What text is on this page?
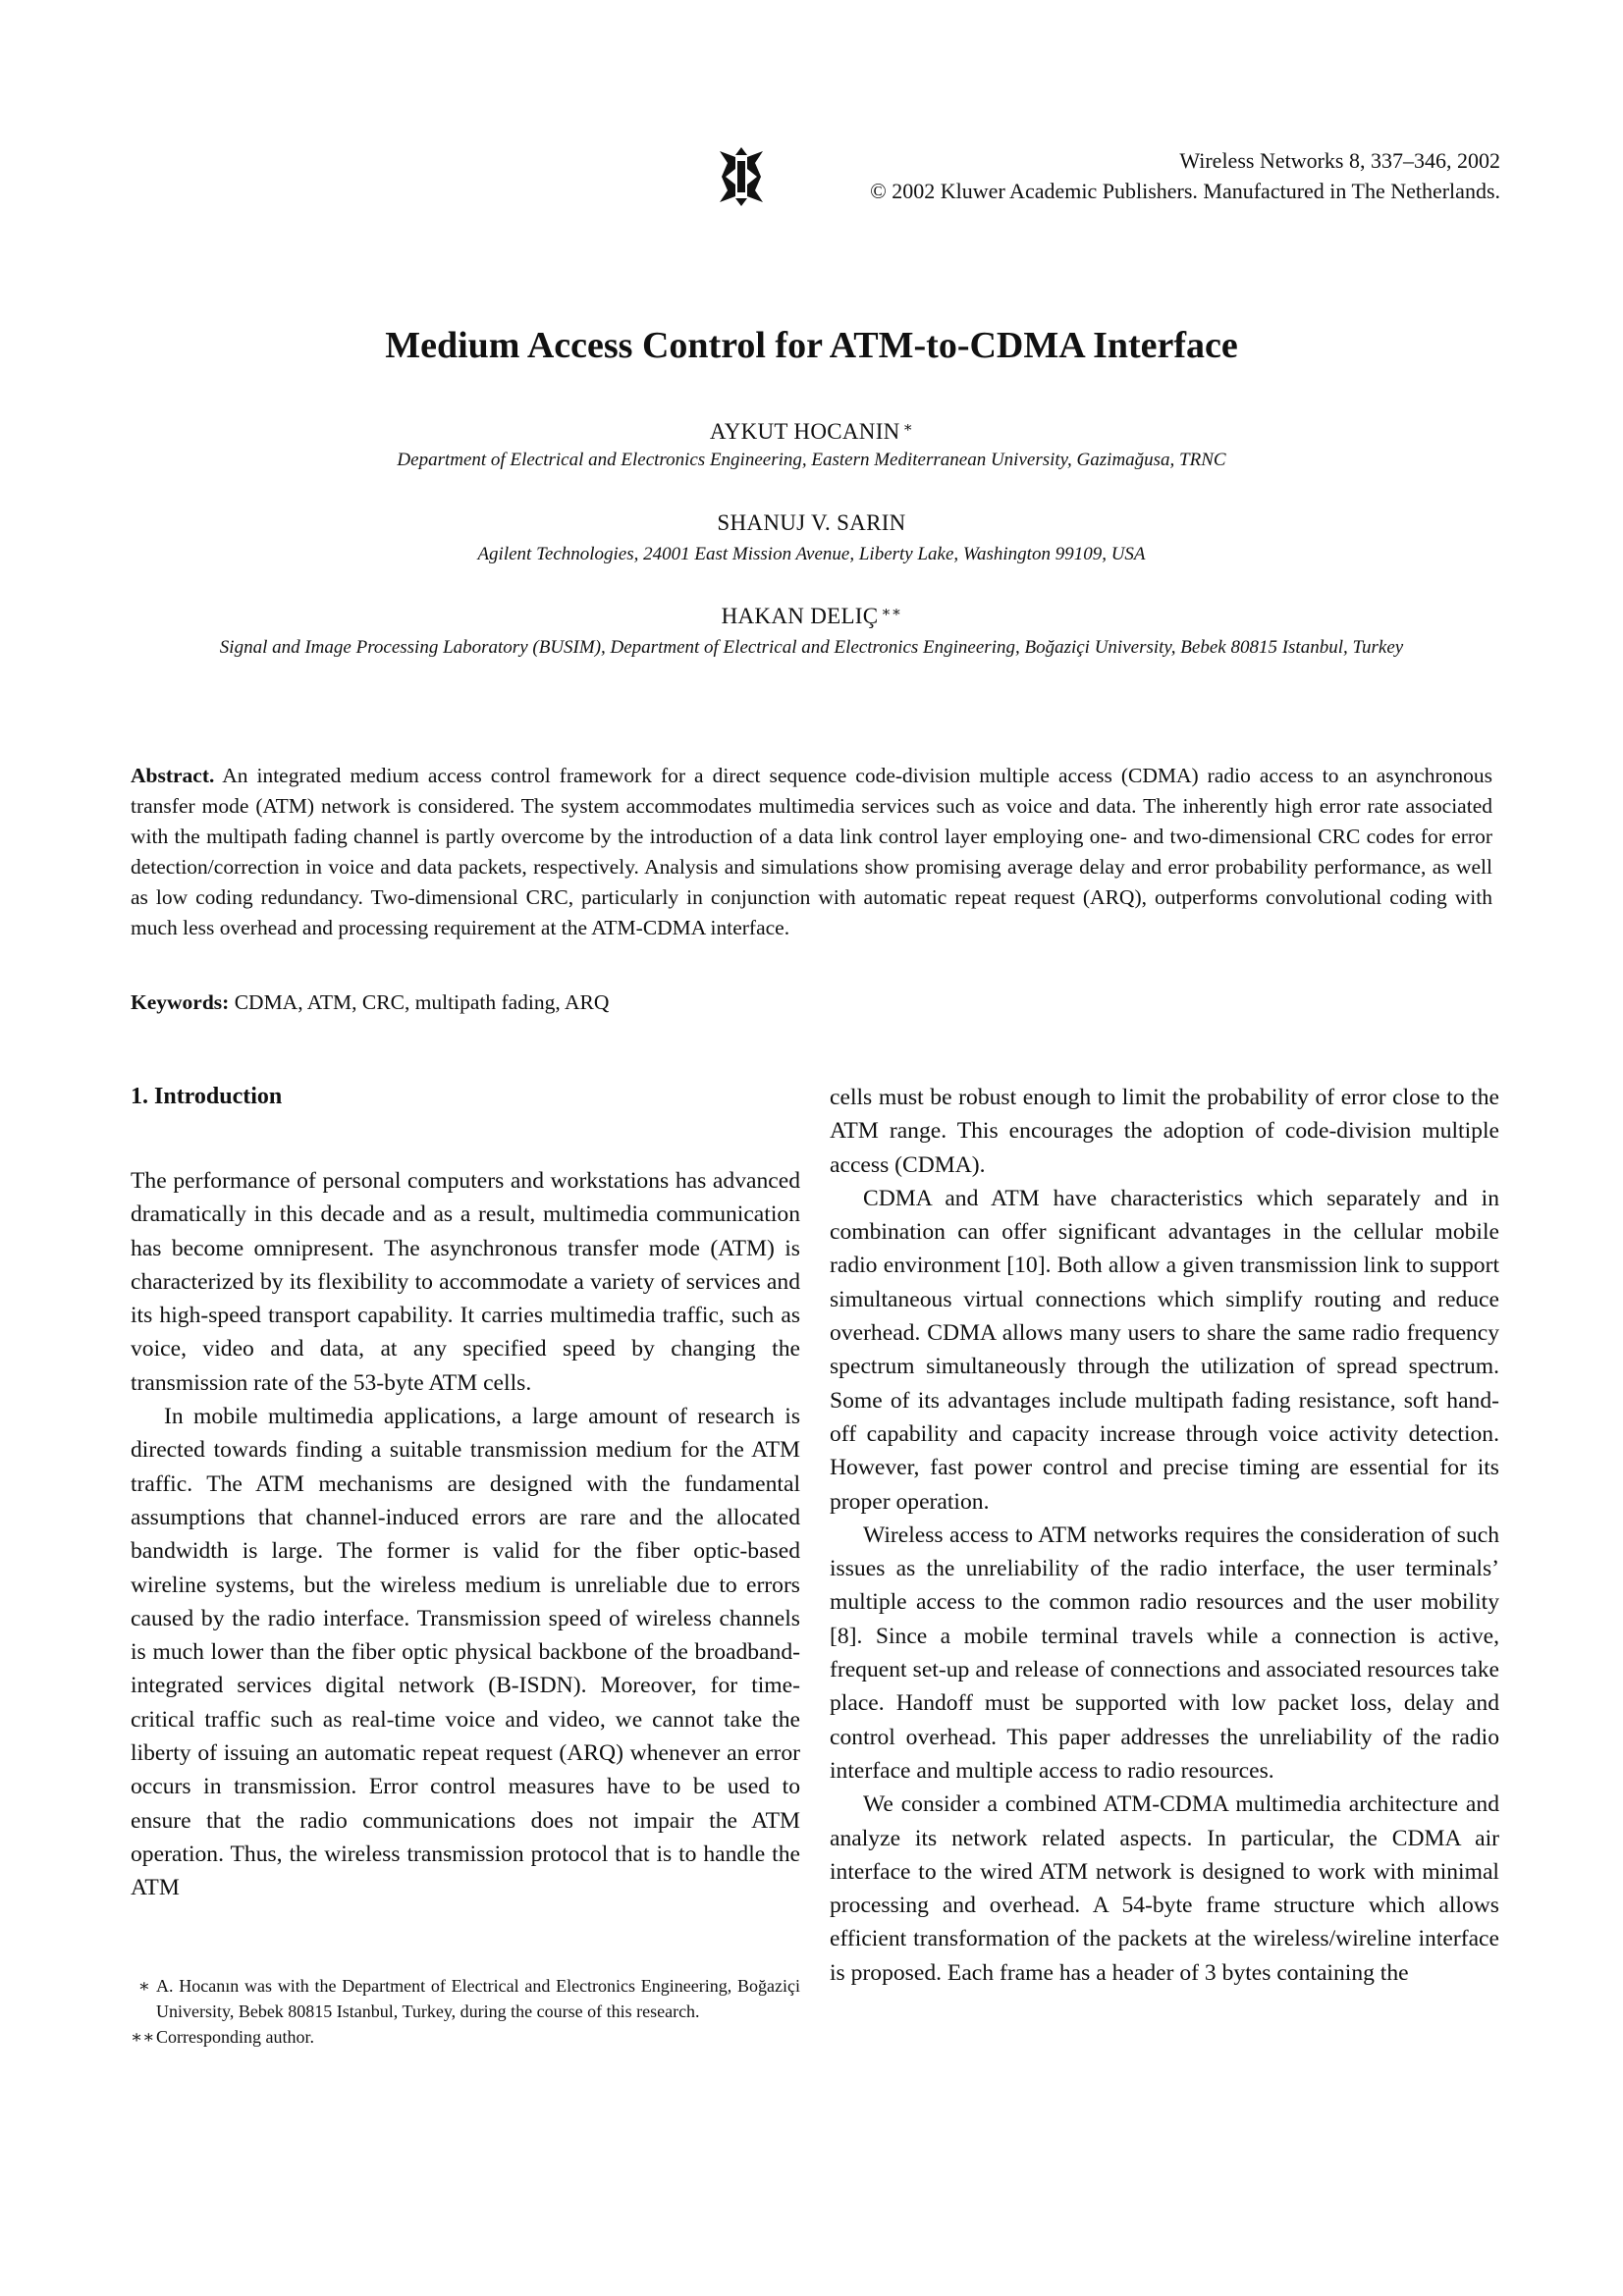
Wireless Networks 8, 337–346, 2002
© 2002 Kluwer Academic Publishers. Manufactured in The Netherlands.
Medium Access Control for ATM-to-CDMA Interface
AYKUT HOCANIN ∗
Department of Electrical and Electronics Engineering, Eastern Mediterranean University, Gazimağusa, TRNC
SHANUJ V. SARIN
Agilent Technologies, 24001 East Mission Avenue, Liberty Lake, Washington 99109, USA
HAKAN DELIÇ ∗∗
Signal and Image Processing Laboratory (BUSIM), Department of Electrical and Electronics Engineering, Boğaziçi University, Bebek 80815 Istanbul, Turkey

Abstract. An integrated medium access control framework for a direct sequence code-division multiple access (CDMA) radio access to an asynchronous transfer mode (ATM) network is considered. The system accommodates multimedia services such as voice and data. The inherently high error rate associated with the multipath fading channel is partly overcome by the introduction of a data link control layer employing one- and two-dimensional CRC codes for error detection/correction in voice and data packets, respectively. Analysis and simulations show promising average delay and error probability performance, as well as low coding redundancy. Two-dimensional CRC, particularly in conjunction with automatic repeat request (ARQ), outperforms convolutional coding with much less overhead and processing requirement at the ATM-CDMA interface.

Keywords: CDMA, ATM, CRC, multipath fading, ARQ

1. Introduction

The performance of personal computers and workstations has advanced dramatically in this decade and as a result, multimedia communication has become omnipresent. The asynchronous transfer mode (ATM) is characterized by its flexibility to accommodate a variety of services and its high-speed transport capability. It carries multimedia traffic, such as voice, video and data, at any specified speed by changing the transmission rate of the 53-byte ATM cells.

In mobile multimedia applications, a large amount of research is directed towards finding a suitable transmission medium for the ATM traffic. The ATM mechanisms are designed with the fundamental assumptions that channel-induced errors are rare and the allocated bandwidth is large. The former is valid for the fiber optic-based wireline systems, but the wireless medium is unreliable due to errors caused by the radio interface. Transmission speed of wireless channels is much lower than the fiber optic physical backbone of the broadband-integrated services digital network (B-ISDN). Moreover, for time-critical traffic such as real-time voice and video, we cannot take the liberty of issuing an automatic repeat request (ARQ) whenever an error occurs in transmission. Error control measures have to be used to ensure that the radio communications does not impair the ATM operation. Thus, the wireless transmission protocol that is to handle the ATM

cells must be robust enough to limit the probability of error close to the ATM range. This encourages the adoption of code-division multiple access (CDMA).

CDMA and ATM have characteristics which separately and in combination can offer significant advantages in the cellular mobile radio environment [10]. Both allow a given transmission link to support simultaneous virtual connections which simplify routing and reduce overhead. CDMA allows many users to share the same radio frequency spectrum simultaneously through the utilization of spread spectrum. Some of its advantages include multipath fading resistance, soft hand-off capability and capacity increase through voice activity detection. However, fast power control and precise timing are essential for its proper operation.

Wireless access to ATM networks requires the consideration of such issues as the unreliability of the radio interface, the user terminals’ multiple access to the common radio resources and the user mobility [8]. Since a mobile terminal travels while a connection is active, frequent set-up and release of connections and associated resources take place. Handoff must be supported with low packet loss, delay and control overhead. This paper addresses the unreliability of the radio interface and multiple access to radio resources.

We consider a combined ATM-CDMA multimedia architecture and analyze its network related aspects. In particular, the CDMA air interface to the wired ATM network is designed to work with minimal processing and overhead. A 54-byte frame structure which allows efficient transformation of the packets at the wireless/wireline interface is proposed. Each frame has a header of 3 bytes containing the

∗ A. Hocanın was with the Department of Electrical and Electronics Engineering, Boğaziçi University, Bebek 80815 Istanbul, Turkey, during the course of this research.

∗∗Corresponding author.
